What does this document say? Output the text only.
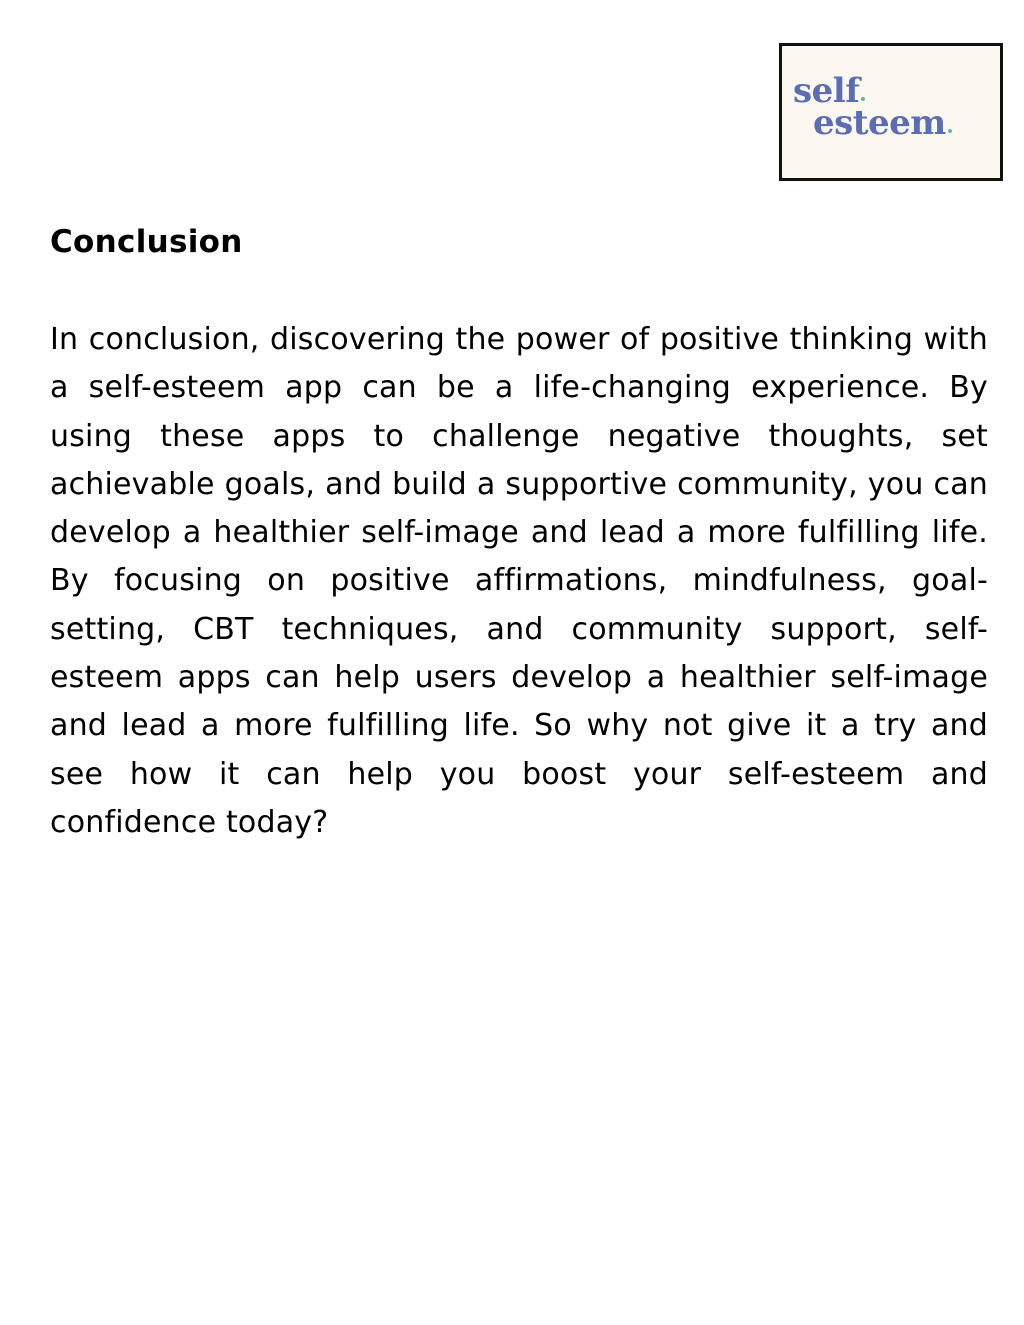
self
esteem
Conclusion

In conclusion, discovering the power of positive thinking with a self-esteem app can be a life-changing experience. By using these apps to challenge negative thoughts, set achievable goals, and build a supportive community, you can develop a healthier self-image and lead a more fulfilling life. By focusing on positive affirmations, mindfulness, goal-setting, CBT techniques, and community support, self-esteem apps can help users develop a healthier self-image and lead a more fulfilling life. So why not give it a try and see how it can help you boost your self-esteem and confidence today?
